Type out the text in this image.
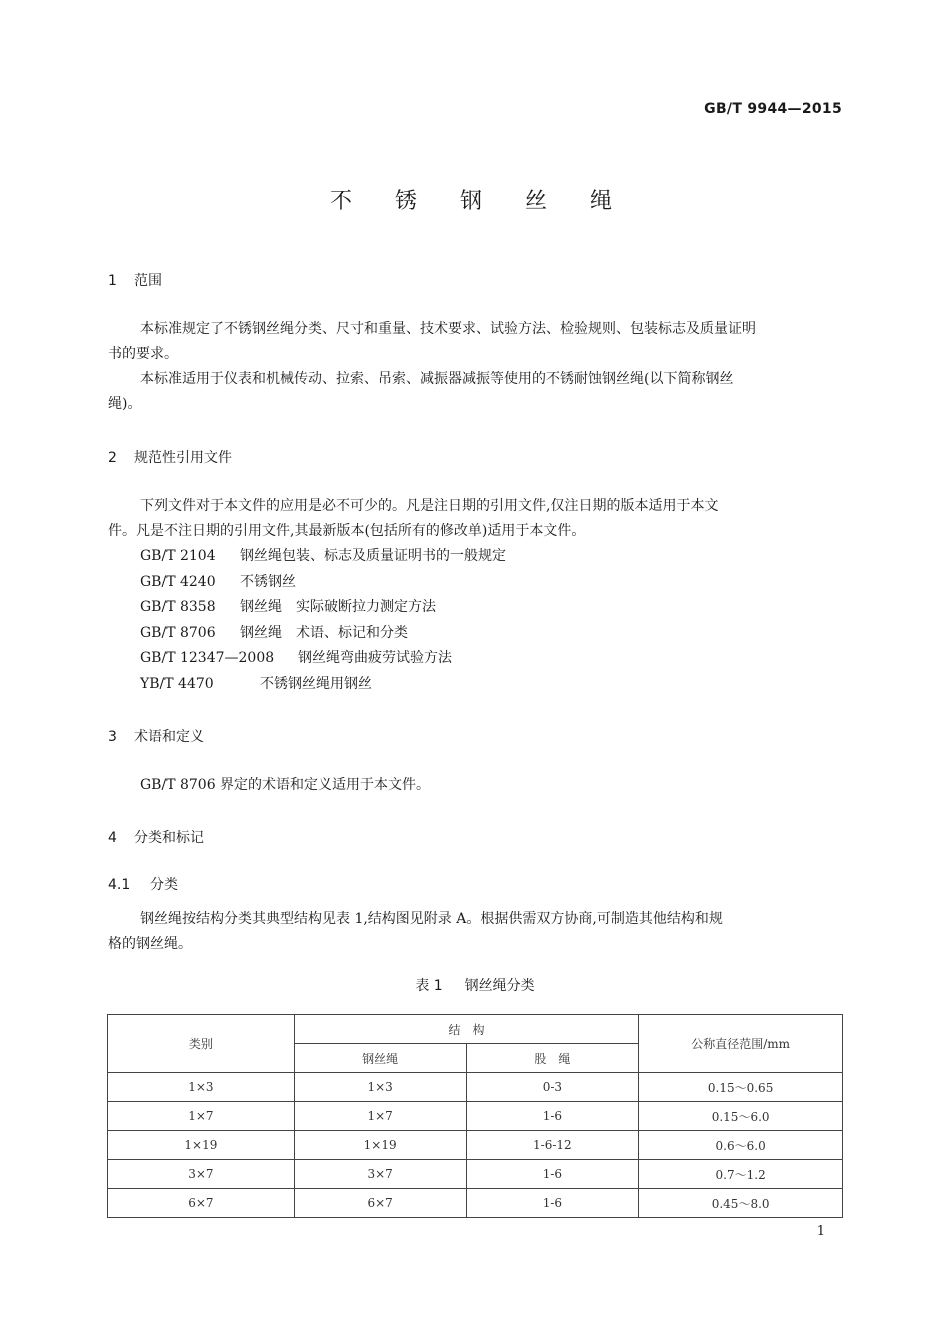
GB/T 9944—2015
不 锈 钢 丝 绳
1 范围
本标准规定了不锈钢丝绳分类、尺寸和重量、技术要求、试验方法、检验规则、包装标志及质量证明
书的要求。
本标准适用于仪表和机械传动、拉索、吊索、减振器减振等使用的不锈耐蚀钢丝绳(以下简称钢丝
绳)。
2 规范性引用文件
下列文件对于本文件的应用是必不可少的。凡是注日期的引用文件,仅注日期的版本适用于本文
件。凡是不注日期的引用文件,其最新版本(包括所有的修改单)适用于本文件。
GB/T 2104 钢丝绳包装、标志及质量证明书的一般规定
GB/T 4240 不锈钢丝
GB/T 8358 钢丝绳　实际破断拉力测定方法
GB/T 8706 钢丝绳　术语、标记和分类
GB/T 12347—2008 钢丝绳弯曲疲劳试验方法
YB/T 4470	不锈钢丝绳用钢丝
3 术语和定义
GB/T 8706 界定的术语和定义适用于本文件。
4 分类和标记
4.1 分类
钢丝绳按结构分类其典型结构见表 1,结构图见附录 A。根据供需双方协商,可制造其他结构和规
格的钢丝绳。
表 1 钢丝绳分类
类别	结　构		公称直径范围/mm
	钢丝绳	股　绳	
1×3	1×3	0-3	0.15～0.65
1×7	1×7	1-6	0.15～6.0
1×19	1×19	1-6-12	0.6～6.0
3×7	3×7	1-6	0.7～1.2
6×7	6×7	1-6	0.45～8.0
1
